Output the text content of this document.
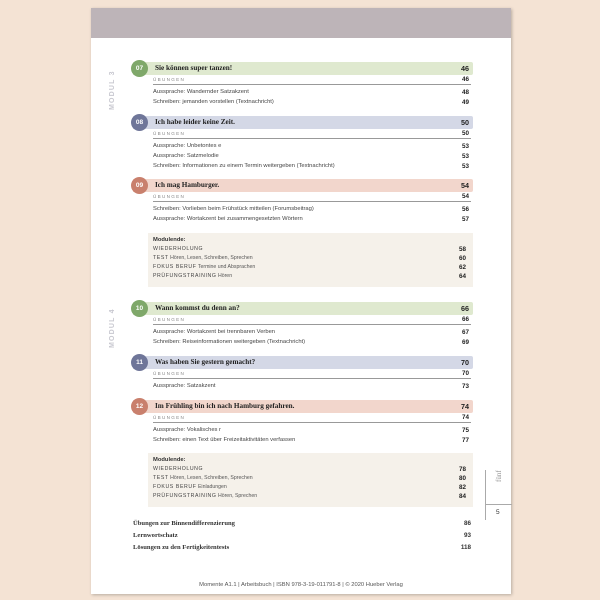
MODUL 3
MODUL 4
07	Sie können super tanzen!	46
ÜBUNGEN	46
Aussprache: Wandernder Satzakzent	48
Schreiben: jemanden vorstellen (Textnachricht)	49
08	Ich habe leider keine Zeit.	50
ÜBUNGEN	50
Aussprache: Unbetontes e	53
Aussprache: Satzmelodie	53
Schreiben: Informationen zu einem Termin weitergeben (Textnachricht)	53
09	Ich mag Hamburger.	54
ÜBUNGEN	54
Schreiben: Vorlieben beim Frühstück mitteilen (Forumsbeitrag)	56
Aussprache: Wortakzent bei zusammengesetzten Wörtern	57
Modulende:
WIEDERHOLUNG	58
TEST Hören, Lesen, Schreiben, Sprechen	60
FOKUS BERUF Termine und Absprachen	62
PRÜFUNGSTRAINING Hören	64
10	Wann kommst du denn an?	66
ÜBUNGEN	66
Aussprache: Wortakzent bei trennbaren Verben	67
Schreiben: Reiseinformationen weitergeben (Textnachricht)	69
11	Was haben Sie gestern gemacht?	70
ÜBUNGEN	70
Aussprache: Satzakzent	73
12	Im Frühling bin ich nach Hamburg gefahren.	74
ÜBUNGEN	74
Aussprache: Vokalisches r	75
Schreiben: einen Text über Freizeitaktivitäten verfassen	77
Modulende:
WIEDERHOLUNG	78
TEST Hören, Lesen, Schreiben, Sprechen	80
FOKUS BERUF Einladungen	82
PRÜFUNGSTRAINING Hören, Sprechen	84
Übungen zur Binnendifferenzierung	86
Lernwortschatz	93
Lösungen zu den Fertigkeitentests	118
fünf
5
Momente A1.1 | Arbeitsbuch | ISBN 978-3-19-011791-8 | © 2020 Hueber Verlag
